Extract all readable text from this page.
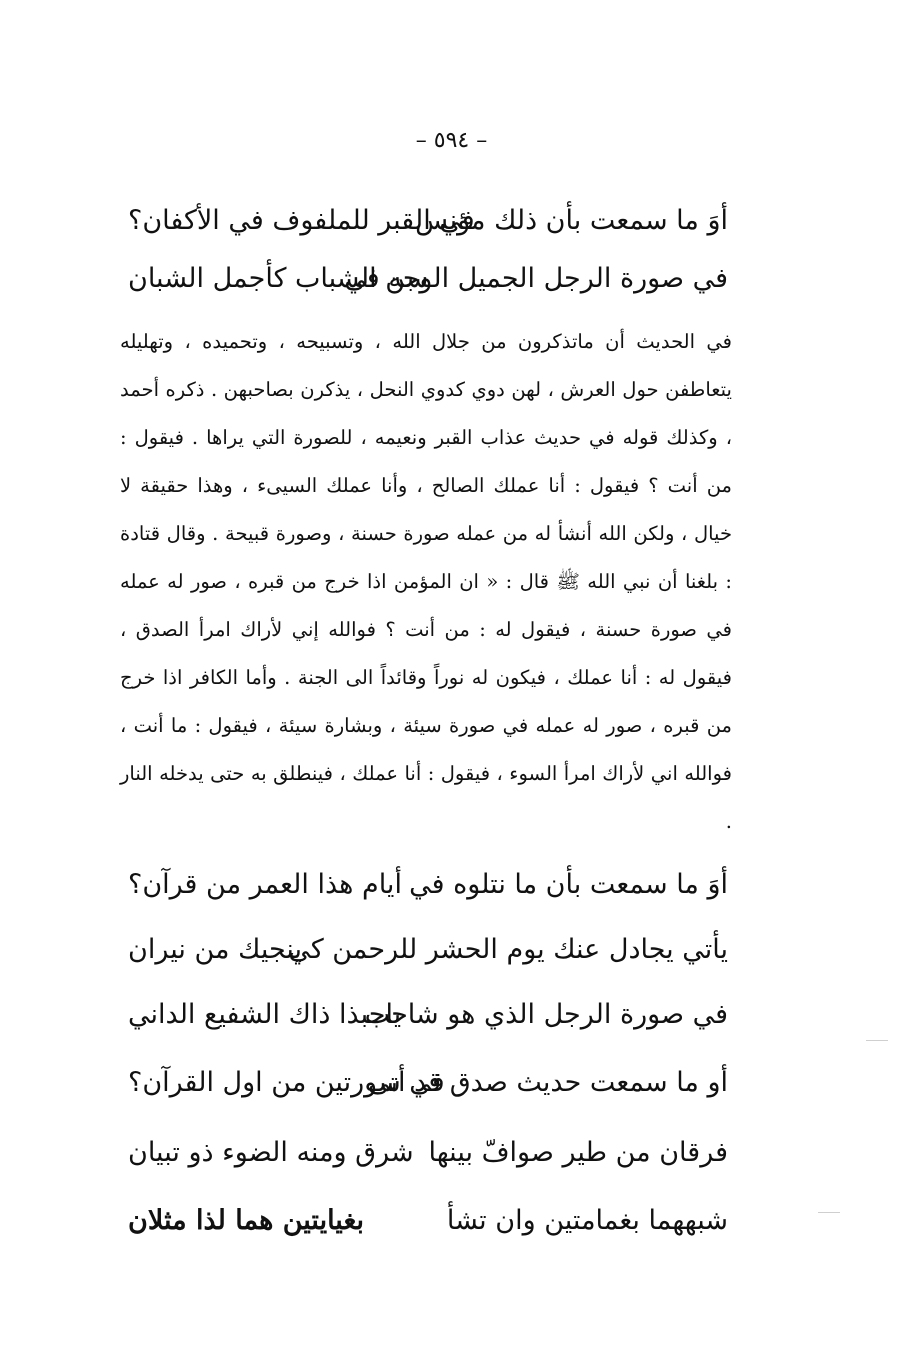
– ٥٩٤ –
أوَ ما سمعت بأن ذلك مؤنس
في القبر للملفوف في الأكفان؟
في صورة الرجل الجميل الوجه في
سن الشباب كأجمل الشبان

في الحديث أن ماتذكرون من جلال الله ، وتسبيحه ، وتحميده ، وتهليله يتعاطفن حول العرش ، لهن دوي كدوي النحل ، يذكرن بصاحبهن . ذكره أحمد ، وكذلك قوله في حديث عذاب القبر ونعيمه ، للصورة التي يراها . فيقول : من أنت ؟ فيقول : أنا عملك الصالح ، وأنا عملك السيىء ، وهذا حقيقة لا خيال ، ولكن الله أنشأ له من عمله صورة حسنة ، وصورة قبيحة . وقال قتادة : بلغنا أن نبي الله ﷺ قال : « ان المؤمن اذا خرج من قبره ، صور له عمله في صورة حسنة ، فيقول له : من أنت ؟ فوالله إني لأراك امرأ الصدق ، فيقول له : أنا عملك ، فيكون له نوراً وقائداً الى الجنة . وأما الكافر اذا خرج من قبره ، صور له عمله في صورة سيئة ، وبشارة سيئة ، فيقول : ما أنت ، فوالله اني لأراك امرأ السوء ، فيقول : أنا عملك ، فينطلق به حتى يدخله النار .

أوَ ما سمعت بأن ما نتلوه في
أيام هذا العمر من قرآن؟
يأتي يجادل عنك يوم الحشر للرحمن كي
ينجيك من نيران
في صورة الرجل الذي هو شاحب
ياحبذا ذاك الشفيع الداني
أو ما سمعت حديث صدق قد أتى
في سورتين من اول القرآن؟
فرقان من طير صوافّ بينها
شرق ومنه الضوء ذو تبيان
شبههما بغمامتين وان تشأ
بغيايتين هما لذا مثلان
